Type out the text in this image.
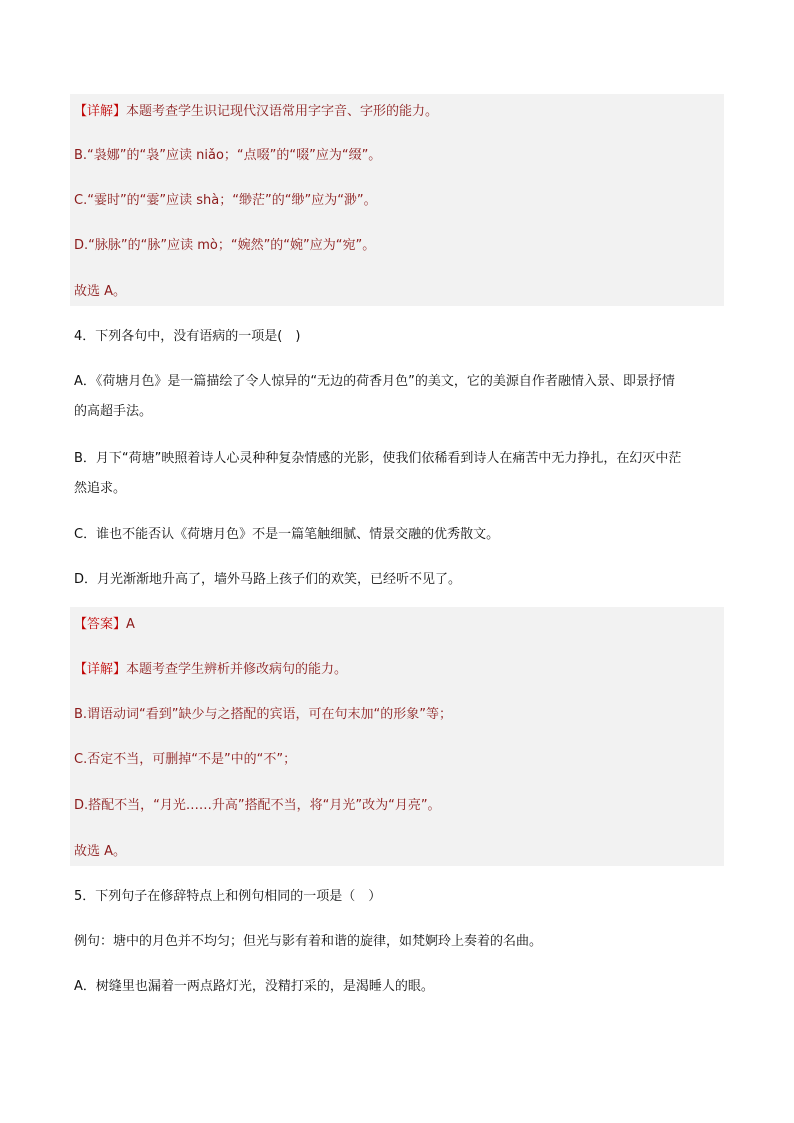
【详解】本题考查学生识记现代汉语常用字字音、字形的能力。
B.“袅娜”的“袅”应读 niǎo；“点啜”的“啜”应为“缀”。
C.“霎时”的“霎”应读 shà；“缈茫”的“缈”应为“渺”。
D.“脉脉”的“脉”应读 mò；“婉然”的“婉”应为“宛”。
故选 A。
4．下列各句中，没有语病的一项是(　)
A．《荷塘月色》是一篇描绘了令人惊异的“无边的荷香月色”的美文，它的美源自作者融情入景、即景抒情
的高超手法。
B．月下“荷塘”映照着诗人心灵种种复杂情感的光影，使我们依稀看到诗人在痛苦中无力挣扎，在幻灭中茫
然追求。
C．谁也不能否认《荷塘月色》不是一篇笔触细腻、情景交融的优秀散文。
D．月光渐渐地升高了，墙外马路上孩子们的欢笑，已经听不见了。
【答案】A
【详解】本题考查学生辨析并修改病句的能力。
B.谓语动词“看到”缺少与之搭配的宾语，可在句末加“的形象”等；
C.否定不当，可删掉“不是”中的“不”；
D.搭配不当，“月光……升高”搭配不当，将“月光”改为“月亮”。
故选 A。
5．下列句子在修辞特点上和例句相同的一项是（　）
例句：塘中的月色并不均匀；但光与影有着和谐的旋律，如梵婀玲上奏着的名曲。
A．树缝里也漏着一两点路灯光，没精打采的，是渴睡人的眼。
